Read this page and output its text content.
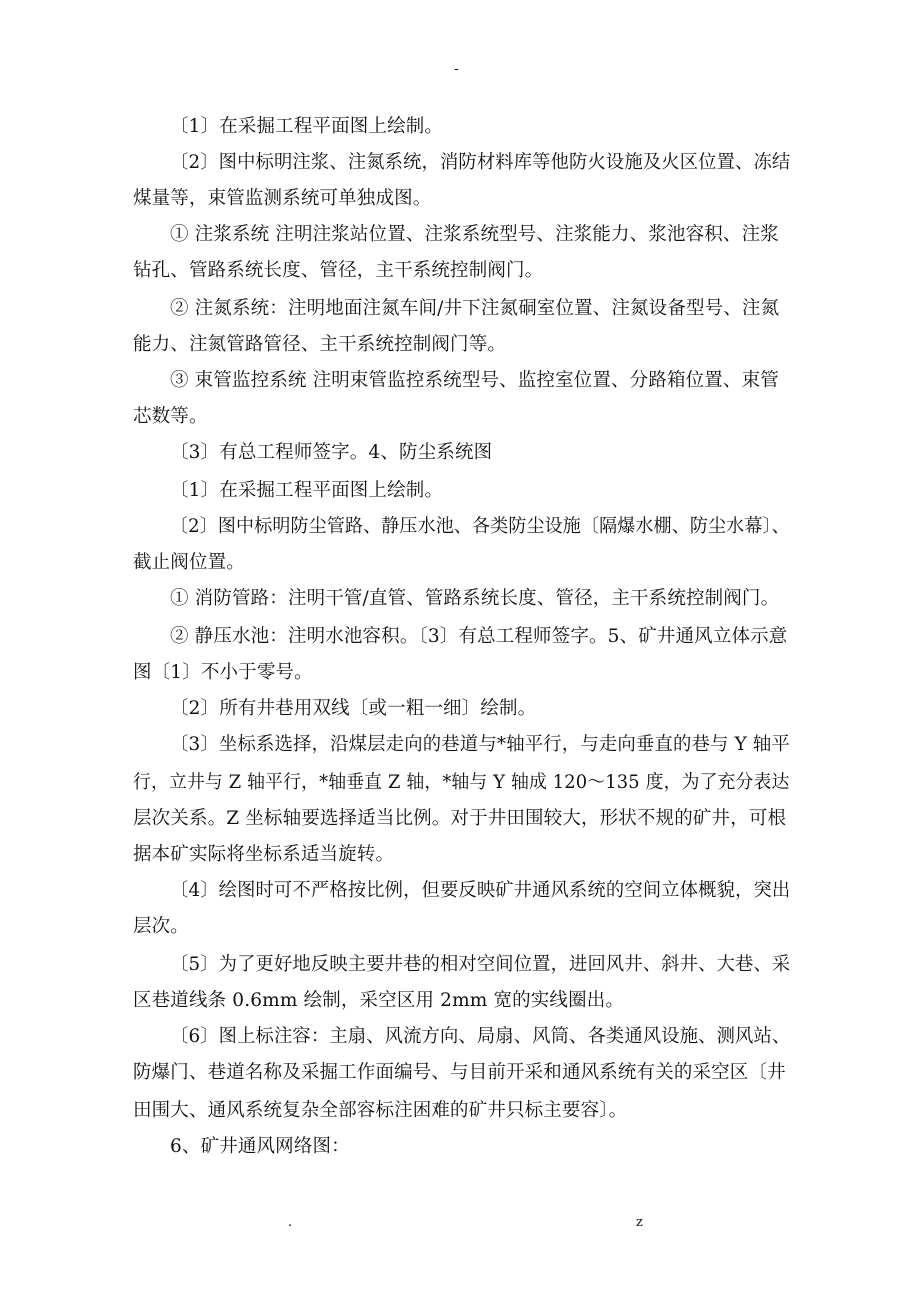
-
〔1〕在采掘工程平面图上绘制。
〔2〕图中标明注浆、注氮系统，消防材料库等他防火设施及火区位置、冻结
煤量等，束管监测系统可单独成图。
① 注浆系统 注明注浆站位置、注浆系统型号、注浆能力、浆池容积、注浆
钻孔、管路系统长度、管径，主干系统控制阀门。
② 注氮系统：注明地面注氮车间/井下注氮硐室位置、注氮设备型号、注氮
能力、注氮管路管径、主干系统控制阀门等。
③ 束管监控系统 注明束管监控系统型号、监控室位置、分路箱位置、束管
芯数等。
〔3〕有总工程师签字。4、防尘系统图
〔1〕在采掘工程平面图上绘制。
〔2〕图中标明防尘管路、静压水池、各类防尘设施〔隔爆水棚、防尘水幕〕、
截止阀位置。
① 消防管路：注明干管/直管、管路系统长度、管径，主干系统控制阀门。
② 静压水池：注明水池容积。〔3〕有总工程师签字。5、矿井通风立体示意
图〔1〕不小于零号。
〔2〕所有井巷用双线〔或一粗一细〕绘制。
〔3〕坐标系选择，沿煤层走向的巷道与*轴平行，与走向垂直的巷与 Y 轴平
行，立井与 Z 轴平行，*轴垂直 Z 轴，*轴与 Y 轴成 120～135 度，为了充分表达
层次关系。Z 坐标轴要选择适当比例。对于井田围较大，形状不规的矿井，可根
据本矿实际将坐标系适当旋转。
〔4〕绘图时可不严格按比例，但要反映矿井通风系统的空间立体概貌，突出
层次。
〔5〕为了更好地反映主要井巷的相对空间位置，进回风井、斜井、大巷、采
区巷道线条 0.6mm 绘制，采空区用 2mm 宽的实线圈出。
〔6〕图上标注容：主扇、风流方向、局扇、风筒、各类通风设施、测风站、
防爆门、巷道名称及采掘工作面编号、与目前开采和通风系统有关的采空区〔井
田围大、通风系统复杂全部容标注困难的矿井只标主要容〕。
6、矿井通风网络图：
.	z
